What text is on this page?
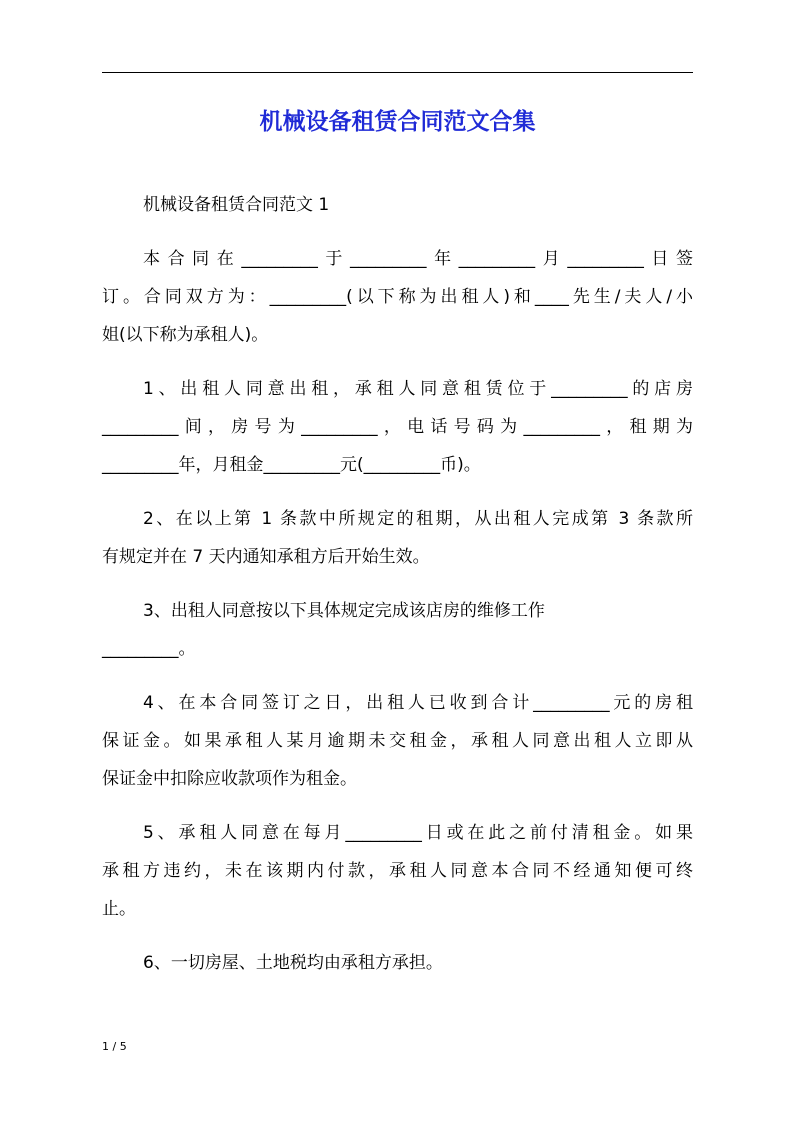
机械设备租赁合同范文合集
机械设备租赁合同范文 1
本合同在_________于_________年_________月_________日签
订。合同双方为：_________(以下称为出租人)和____先生/夫人/小
姐(以下称为承租人)。
1、出租人同意出租，承租人同意租赁位于_________的店房
_________间，房号为_________，电话号码为_________，租期为
_________年，月租金_________元(_________币)。
2、在以上第 1 条款中所规定的租期，从出租人完成第 3 条款所
有规定并在 7 天内通知承租方后开始生效。
3、出租人同意按以下具体规定完成该店房的维修工作
_________。
4、在本合同签订之日，出租人已收到合计_________元的房租
保证金。如果承租人某月逾期未交租金，承租人同意出租人立即从
保证金中扣除应收款项作为租金。
5、承租人同意在每月_________日或在此之前付清租金。如果
承租方违约，未在该期内付款，承租人同意本合同不经通知便可终
止。
6、一切房屋、土地税均由承租方承担。
1 / 5
